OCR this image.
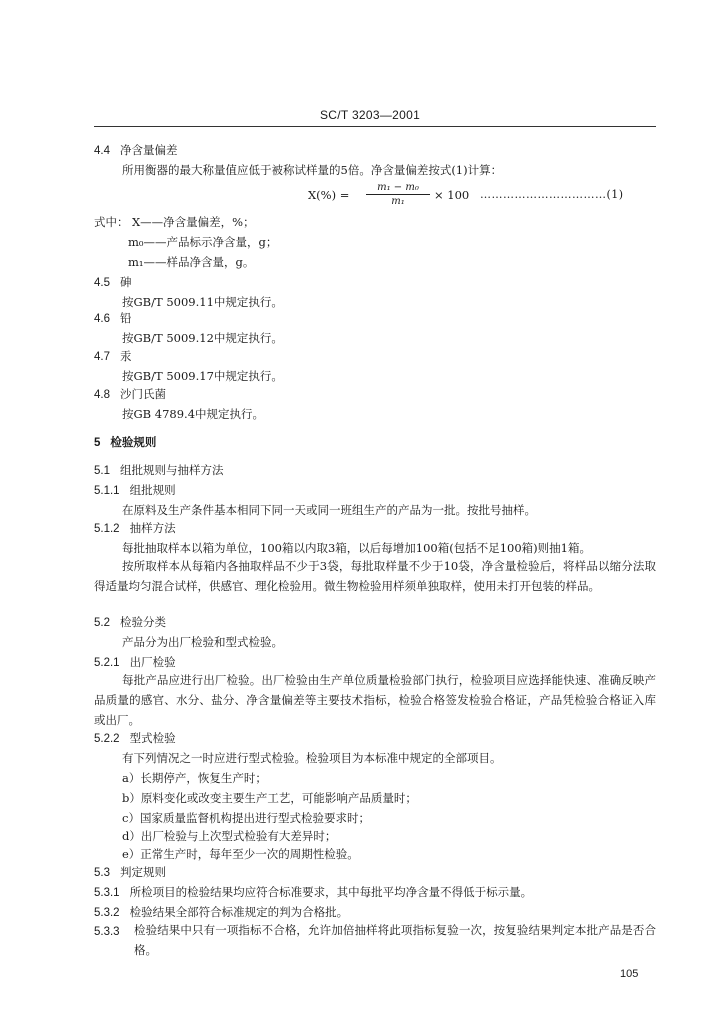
SC/T 3203—2001
4.4 净含量偏差
所用衡器的最大称量值应低于被称试样量的5倍。净含量偏差按式(1)计算：
$X(\%) = \frac{\text{m₁ − m₀}}{\text{m₁}} \times 100$ ……………………………(1)
式中： X——净含量偏差，%；
m₀——产品标示净含量，g；
m₁——样品净含量，g。
4.5 砷
按GB/T 5009.11中规定执行。
4.6 铅
按GB/T 5009.12中规定执行。
4.7 汞
按GB/T 5009.17中规定执行。
4.8 沙门氏菌
按GB 4789.4中规定执行。
5 检验规则
5.1 组批规则与抽样方法
5.1.1 组批规则
在原料及生产条件基本相同下同一天或同一班组生产的产品为一批。按批号抽样。
5.1.2 抽样方法
每批抽取样本以箱为单位，100箱以内取3箱，以后每增加100箱(包括不足100箱)则抽1箱。
按所取样本从每箱内各抽取样品不少于3袋，每批取样量不少于10袋，净含量检验后，将样品以缩分法取得适量均匀混合试样，供感官、理化检验用。微生物检验用样须单独取样，使用未打开包装的样品。
5.2 检验分类
产品分为出厂检验和型式检验。
5.2.1 出厂检验
每批产品应进行出厂检验。出厂检验由生产单位质量检验部门执行，检验项目应选择能快速、准确反映产品质量的感官、水分、盐分、净含量偏差等主要技术指标，检验合格签发检验合格证，产品凭检验合格证入库或出厂。
5.2.2 型式检验
有下列情况之一时应进行型式检验。检验项目为本标准中规定的全部项目。
a）长期停产，恢复生产时；
b）原料变化或改变主要生产工艺，可能影响产品质量时；
c）国家质量监督机构提出进行型式检验要求时；
d）出厂检验与上次型式检验有大差异时；
e）正常生产时，每年至少一次的周期性检验。
5.3 判定规则
5.3.1 所检项目的检验结果均应符合标准要求，其中每批平均净含量不得低于标示量。
5.3.2 检验结果全部符合标准规定的判为合格批。
5.3.3	检验结果中只有一项指标不合格，允许加倍抽样将此项指标复验一次，按复验结果判定本批产品是否合格。
105
